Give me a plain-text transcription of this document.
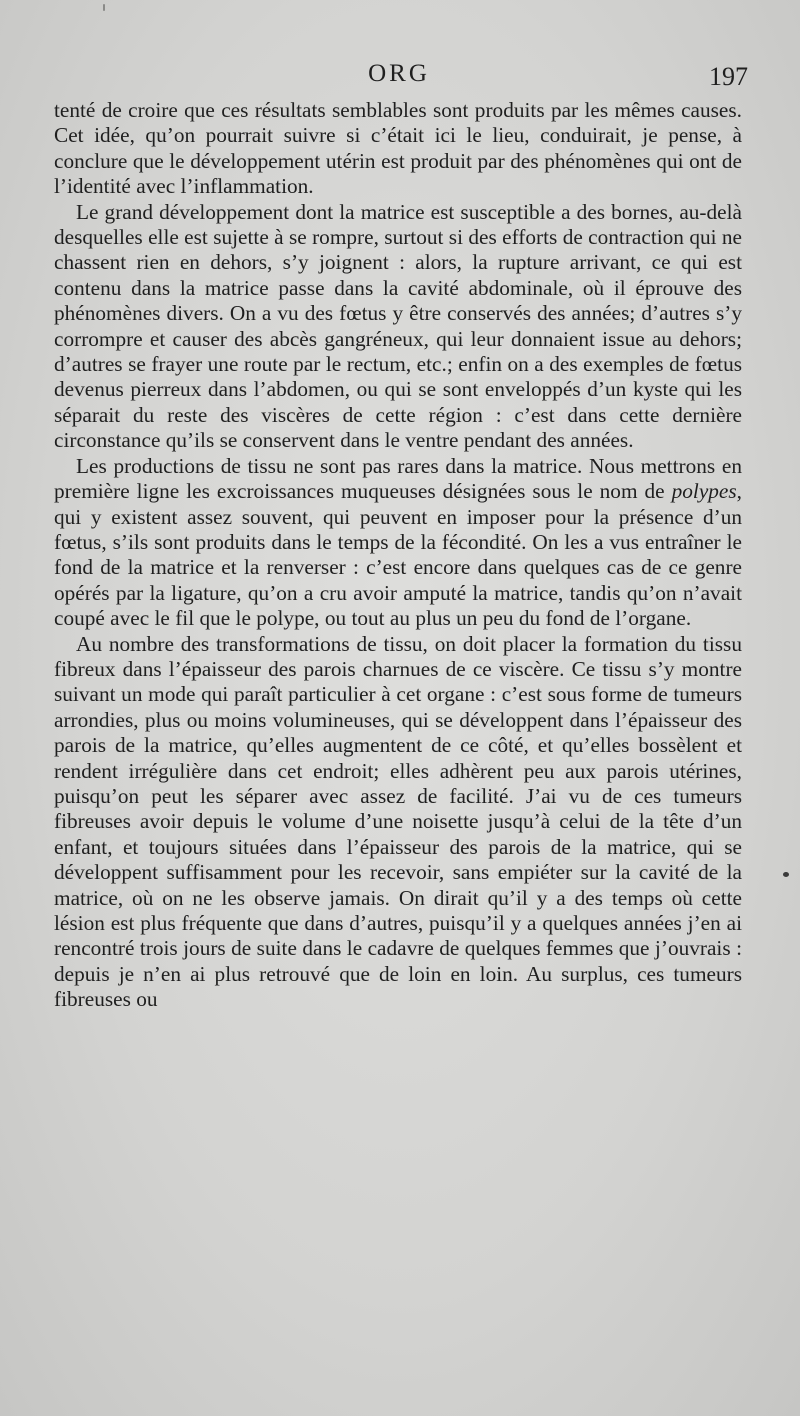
ORG	197

tenté de croire que ces résultats semblables sont produits par les mêmes causes. Cet idée, qu’on pourrait suivre si c’était ici le lieu, conduirait, je pense, à conclure que le développement utérin est produit par des phénomènes qui ont de l’identité avec l’inflammation.

Le grand développement dont la matrice est susceptible a des bornes, au-delà desquelles elle est sujette à se rompre, surtout si des efforts de contraction qui ne chassent rien en dehors, s’y joignent : alors, la rupture arrivant, ce qui est contenu dans la matrice passe dans la cavité abdominale, où il éprouve des phénomènes divers. On a vu des fœtus y être conservés des années; d’autres s’y corrompre et causer des abcès gangréneux, qui leur donnaient issue au dehors; d’autres se frayer une route par le rectum, etc.; enfin on a des exemples de fœtus devenus pierreux dans l’abdomen, ou qui se sont enveloppés d’un kyste qui les séparait du reste des viscères de cette région : c’est dans cette dernière circonstance qu’ils se conservent dans le ventre pendant des années.

Les productions de tissu ne sont pas rares dans la matrice. Nous mettrons en première ligne les excroissances muqueuses désignées sous le nom de polypes, qui y existent assez souvent, qui peuvent en imposer pour la présence d’un fœtus, s’ils sont produits dans le temps de la fécondité. On les a vus entraîner le fond de la matrice et la renverser : c’est encore dans quelques cas de ce genre opérés par la ligature, qu’on a cru avoir amputé la matrice, tandis qu’on n’avait coupé avec le fil que le polype, ou tout au plus un peu du fond de l’organe.

Au nombre des transformations de tissu, on doit placer la formation du tissu fibreux dans l’épaisseur des parois charnues de ce viscère. Ce tissu s’y montre suivant un mode qui paraît particulier à cet organe : c’est sous forme de tumeurs arrondies, plus ou moins volumineuses, qui se développent dans l’épaisseur des parois de la matrice, qu’elles augmentent de ce côté, et qu’elles bossèlent et rendent irrégulière dans cet endroit; elles adhèrent peu aux parois utérines, puisqu’on peut les séparer avec assez de facilité. J’ai vu de ces tumeurs fibreuses avoir depuis le volume d’une noisette jusqu’à celui de la tête d’un enfant, et toujours situées dans l’épaisseur des parois de la matrice, qui se développent suffisamment pour les recevoir, sans empiéter sur la cavité de la matrice, où on ne les observe jamais. On dirait qu’il y a des temps où cette lésion est plus fréquente que dans d’autres, puisqu’il y a quelques années j’en ai rencontré trois jours de suite dans le cadavre de quelques femmes que j’ouvrais : depuis je n’en ai plus retrouvé que de loin en loin. Au surplus, ces tumeurs fibreuses ou
